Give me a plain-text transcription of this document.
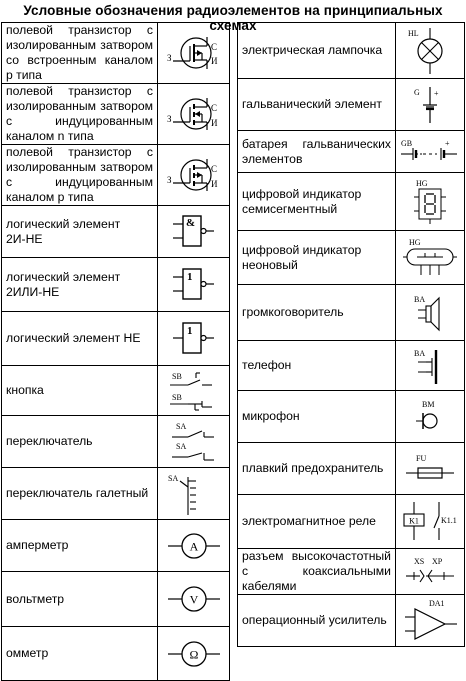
Условные обозначения радиоэлементов на принципиальных схемах
полевой транзистор с изолированным затвором со встроенным каналом p типа	З
С
И

полевой транзистор с изолированным затвором с индуцированным каналом n типа	З
С
И

полевой транзистор с изолированным затвором с индуцированным каналом p типа	З
С
И

логический элемент 2И-НЕ	&

логический элемент 2ИЛИ-НЕ	1

логический элемент НЕ	1

кнопка	SB
SB

переключатель	SA
SA

переключатель галетный	SA

амперметр	A

вольтметр	V

омметр	Ω
электрическая лампочка	HL

гальванический элемент	G +

батарея гальванических элементов	GB +

цифровой индикатор семисегментный	HG

цифровой индикатор неоновый	HG

громкоговоритель	BA

телефон	BA

микрофон	BM

плавкий предохранитель	FU

электромагнитное реле	K1 K1.1

разъем высокочастотный с коаксиальными кабелями	XS XP

операционный усилитель	DA1
